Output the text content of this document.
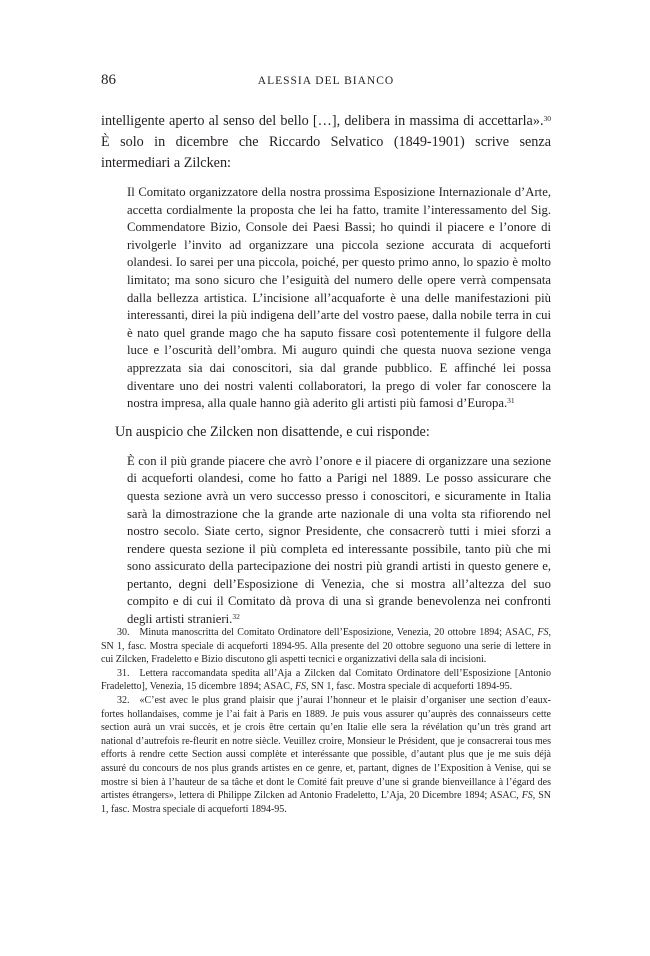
86	ALESSIA DEL BIANCO

intelligente aperto al senso del bello […], delibera in massima di accettarla».$^{30}$ È solo in dicembre che Riccardo Selvatico (1849-1901) scrive senza intermediari a Zilcken:

Il Comitato organizzatore della nostra prossima Esposizione Internazionale d’Arte, accetta cordialmente la proposta che lei ha fatto, tramite l’interessamento del Sig. Commendatore Bizio, Console dei Paesi Bassi; ho quindi il piacere e l’onore di rivolgerle l’invito ad organizzare una piccola sezione accurata di acqueforti olandesi. Io sarei per una piccola, poiché, per questo primo anno, lo spazio è molto limitato; ma sono sicuro che l’esiguità del numero delle opere verrà compensata dalla bellezza artistica. L’incisione all’acquaforte è una delle manifestazioni più interessanti, direi la più indigena dell’arte del vostro paese, dalla nobile terra in cui è nato quel grande mago che ha saputo fissare così potentemente il fulgore della luce e l’oscurità dell’ombra. Mi auguro quindi che questa nuova sezione venga apprezzata sia dai conoscitori, sia dal grande pubblico. E affinché lei possa diventare uno dei nostri valenti collaboratori, la prego di voler far conoscere la nostra impresa, alla quale hanno già aderito gli artisti più famosi d’Europa.$^{31}$

Un auspicio che Zilcken non disattende, e cui risponde:

È con il più grande piacere che avrò l’onore e il piacere di organizzare una sezione di acqueforti olandesi, come ho fatto a Parigi nel 1889. Le posso assicurare che questa sezione avrà un vero successo presso i conoscitori, e sicuramente in Italia sarà la dimostrazione che la grande arte nazionale di una volta sta rifiorendo nel nostro secolo. Siate certo, signor Presidente, che consacrerò tutti i miei sforzi a rendere questa sezione il più completa ed interessante possibile, tanto più che mi sono assicurato della partecipazione dei nostri più grandi artisti in questo genere e, pertanto, degni dell’Esposizione di Venezia, che si mostra all’altezza del suo compito e di cui il Comitato dà prova di una sì grande benevolenza nei confronti degli artisti stranieri.$^{32}$

30. Minuta manoscritta del Comitato Ordinatore dell’Esposizione, Venezia, 20 ottobre 1894; ASAC, FS, SN 1, fasc. Mostra speciale di acqueforti 1894-95. Alla presente del 20 ottobre seguono una serie di lettere in cui Zilcken, Fradeletto e Bizio discutono gli aspetti tecnici e organizzativi della sala di incisioni.

31. Lettera raccomandata spedita all’Aja a Zilcken dal Comitato Ordinatore dell’Esposizione [Antonio Fradeletto], Venezia, 15 dicembre 1894; ASAC, FS, SN 1, fasc. Mostra speciale di acqueforti 1894-95.

32. «C’est avec le plus grand plaisir que j’aurai l’honneur et le plaisir d’organiser une section d’eaux-fortes hollandaises, comme je l’ai fait à Paris en 1889. Je puis vous assurer qu’auprès des connaisseurs cette section aurà un vrai succès, et je crois être certain qu’en Italie elle sera la révélation qu’un très grand art national d’autrefois re-fleurit en notre siècle. Veuillez croire, Monsieur le Président, que je consacrerai tous mes efforts à rendre cette Section aussi complète et interéssante que possible, d’autant plus que je me suis déjà assuré du concours de nos plus grands artistes en ce genre, et, partant, dignes de l’Exposition à Venise, qui se mostre si bien à l’hauteur de sa tâche et dont le Comité fait preuve d’une si grande bienveillance à l’égard des artistes étrangers», lettera di Philippe Zilcken ad Antonio Fradeletto, L’Aja, 20 Dicembre 1894; ASAC, FS, SN 1, fasc. Mostra speciale di acqueforti 1894-95.
